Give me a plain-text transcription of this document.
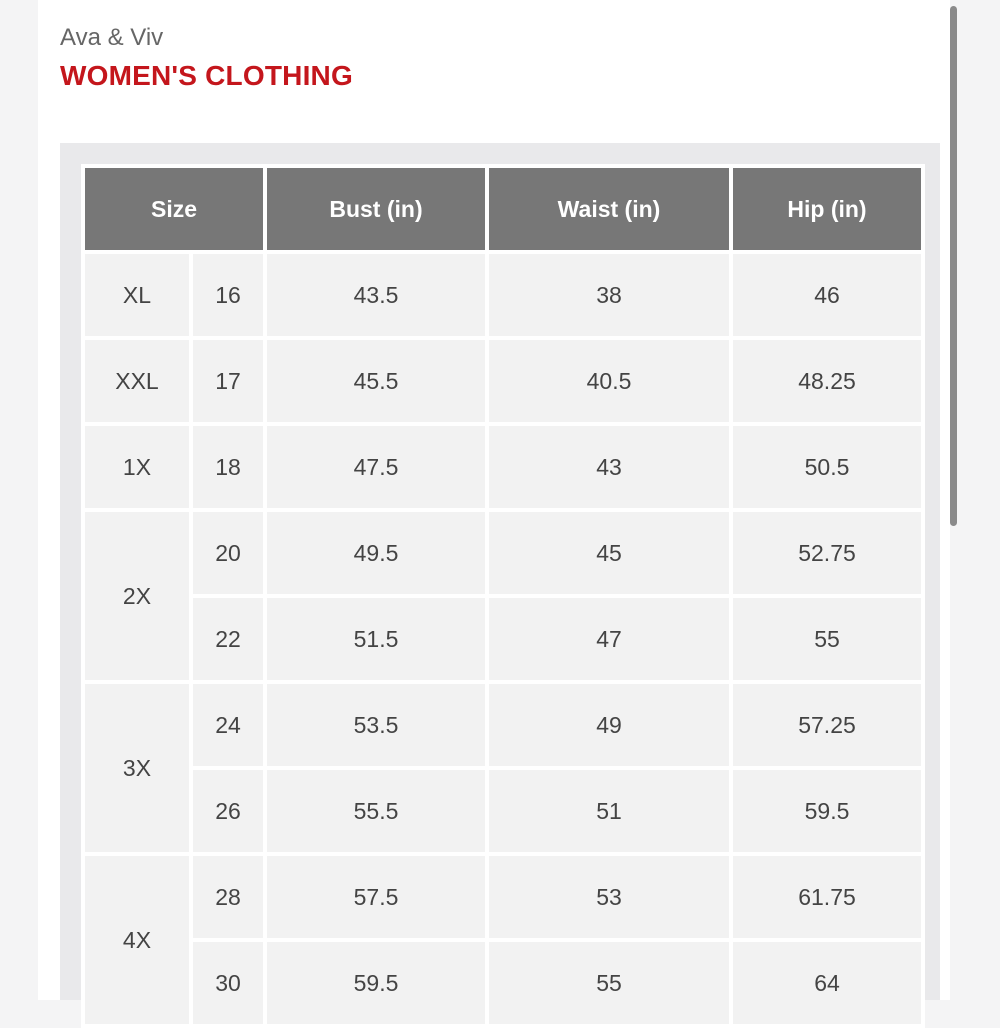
Ava & Viv
WOMEN'S CLOTHING
Size		Bust (in)	Waist (in)	Hip (in)
XL	16	43.5	38	46
XXL	17	45.5	40.5	48.25
1X	18	47.5	43	50.5
2X	20	49.5	45	52.75
	22	51.5	47	55
3X	24	53.5	49	57.25
	26	55.5	51	59.5
4X	28	57.5	53	61.75
	30	59.5	55	64
